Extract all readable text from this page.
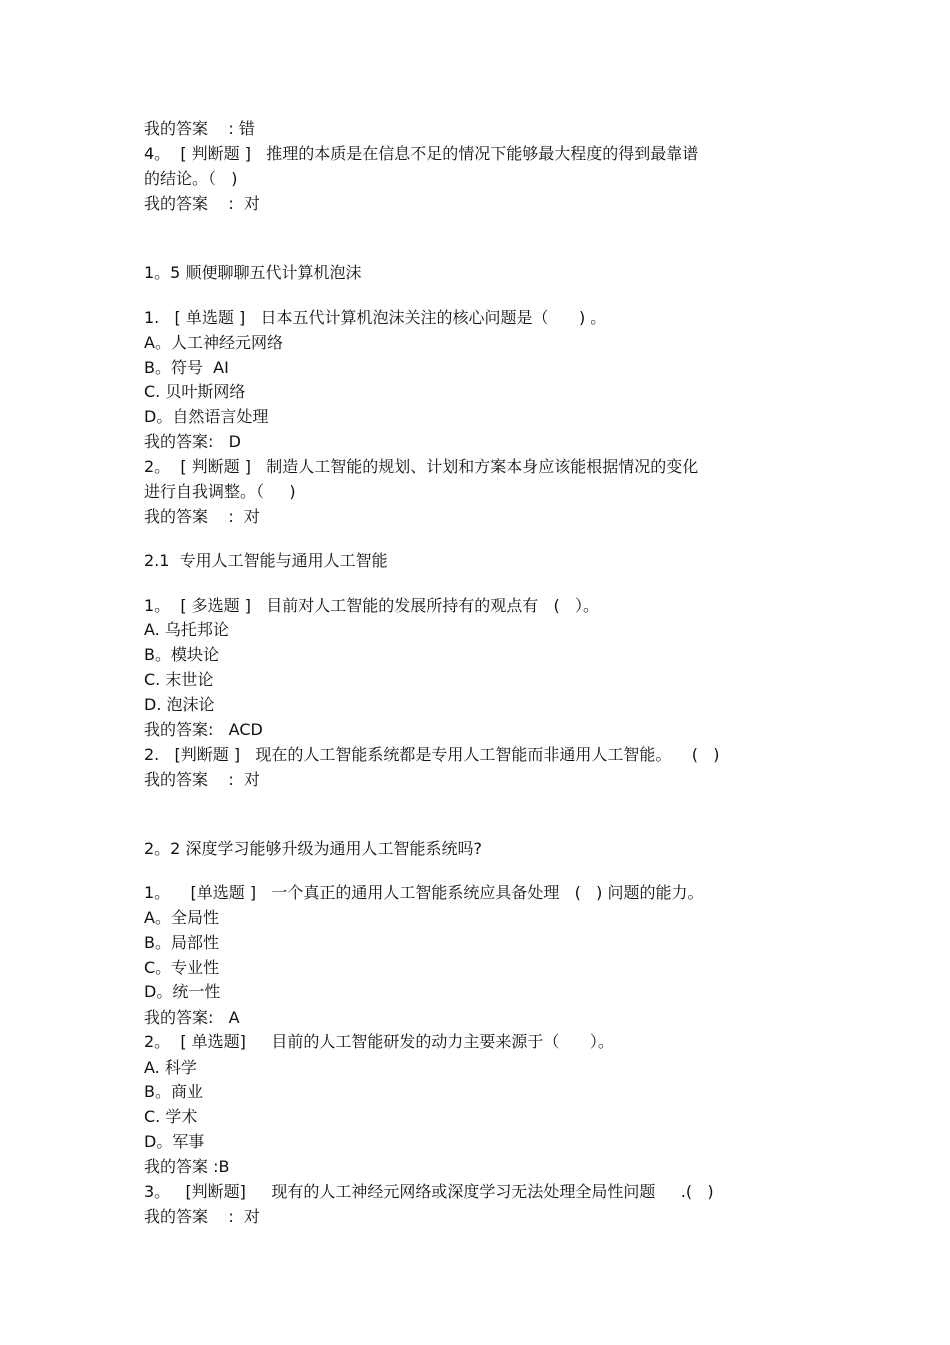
我的答案    : 错
4。  [ 判断题 ]   推理的本质是在信息不足的情况下能够最大程度的得到最靠谱
的结论。（   )
我的答案    :  对
1。5 顺便聊聊五代计算机泡沫
1.   [ 单选题 ]   日本五代计算机泡沫关注的核心问题是（      ) 。
A。人工神经元网络
B。符号  AI
C. 贝叶斯网络
D。自然语言处理
我的答案:   D
2。  [ 判断题 ]   制造人工智能的规划、计划和方案本身应该能根据情况的变化
进行自我调整。（     )
我的答案    :  对
2.1  专用人工智能与通用人工智能
1。  [ 多选题 ]   目前对人工智能的发展所持有的观点有   (   ）。
A. 乌托邦论
B。模块论
C. 末世论
D. 泡沫论
我的答案:   ACD
2.   [判断题 ]   现在的人工智能系统都是专用人工智能而非通用人工智能。    (   )
我的答案    :  对
2。2 深度学习能够升级为通用人工智能系统吗?
1。    [单选题 ]   一个真正的通用人工智能系统应具备处理   (   ) 问题的能力。
A。全局性
B。局部性
C。专业性
D。统一性
我的答案:   A
2。  [ 单选题]     目前的人工智能研发的动力主要来源于（      ）。
A. 科学
B。商业
C. 学术
D。军事
我的答案 :B
3。   [判断题]     现有的人工神经元网络或深度学习无法处理全局性问题     .(   )
我的答案    :  对
